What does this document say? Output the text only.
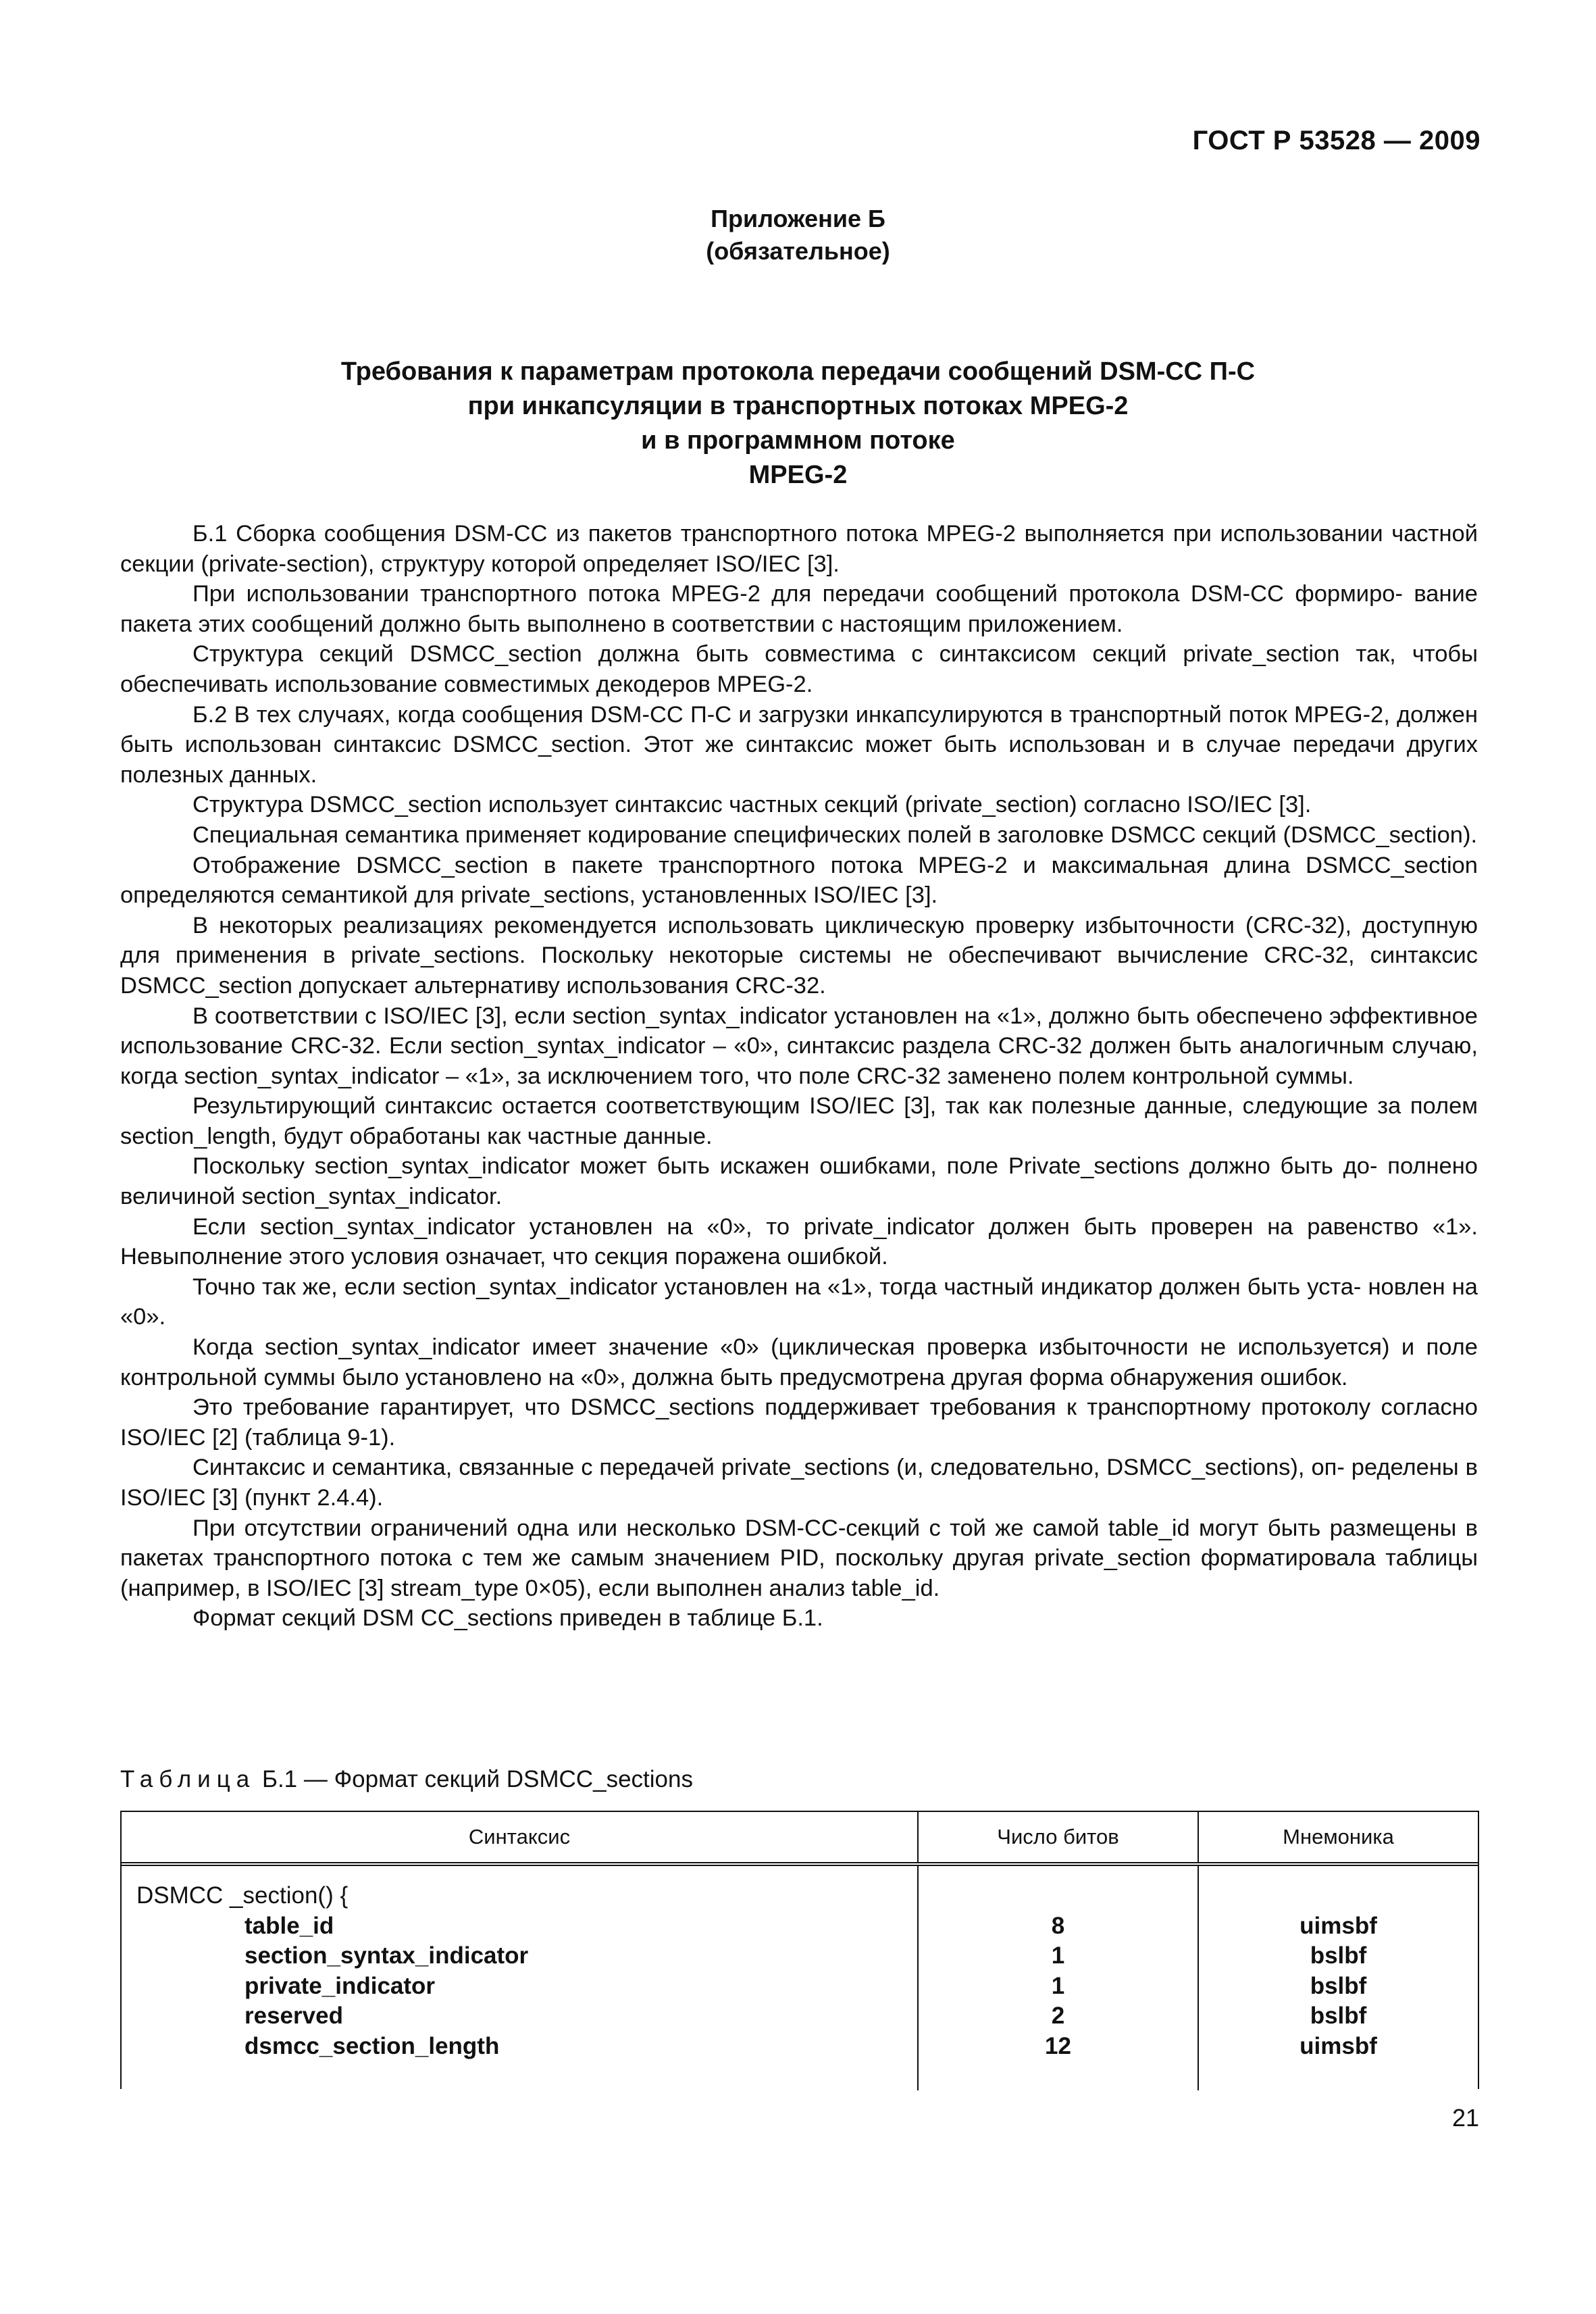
ГОСТ Р 53528 — 2009
Приложение Б
(обязательное)
Требования к параметрам протокола передачи сообщений DSM-CC П-С
при инкапсуляции в транспортных потоках MPEG-2
и в программном потоке
MPEG-2

Б.1 Сборка сообщения DSM-CC из пакетов транспортного потока MPEG-2 выполняется при использовании частной секции (private-section), структуру которой определяет ISO/IEC [3].

При использовании транспортного потока MPEG-2 для передачи сообщений протокола DSM-CC формиро- вание пакета этих сообщений должно быть выполнено в соответствии с настоящим приложением.

Структура секций DSMCC_section должна быть совместима с синтаксисом секций private_section так, чтобы обеспечивать использование совместимых декодеров MPEG-2.

Б.2 В тех случаях, когда сообщения DSM-CC П-С и загрузки инкапсулируются в транспортный поток MPEG-2, должен быть использован синтаксис DSMCC_section. Этот же синтаксис может быть использован и в случае передачи других полезных данных.

Структура DSMCC_section использует синтаксис частных секций (private_section) согласно ISO/IEC [3].

Специальная семантика применяет кодирование специфических полей в заголовке DSMCC секций (DSMCC_section).

Отображение DSMCC_section в пакете транспортного потока MPEG-2 и максимальная длина DSMCC_section определяются семантикой для private_sections, установленных ISO/IEC [3].

В некоторых реализациях рекомендуется использовать циклическую проверку избыточности (CRC-32), доступную для применения в private_sections. Поскольку некоторые системы не обеспечивают вычисление CRC-32, синтаксис DSMCC_section допускает альтернативу использования CRC-32.

В соответствии с ISO/IEC [3], если section_syntax_indicator установлен на «1», должно быть обеспечено эффективное использование CRC-32. Если section_syntax_indicator – «0», синтаксис раздела CRC-32 должен быть аналогичным случаю, когда section_syntax_indicator – «1», за исключением того, что поле CRC-32 заменено полем контрольной суммы.

Результирующий синтаксис остается соответствующим ISO/IEC [3], так как полезные данные, следующие за полем section_length, будут обработаны как частные данные.

Поскольку section_syntax_indicator может быть искажен ошибками, поле Private_sections должно быть до- полнено величиной section_syntax_indicator.

Если section_syntax_indicator установлен на «0», то private_indicator должен быть проверен на равенство «1». Невыполнение этого условия означает, что секция поражена ошибкой.

Точно так же, если section_syntax_indicator установлен на «1», тогда частный индикатор должен быть уста- новлен на «0».

Когда section_syntax_indicator имеет значение «0» (циклическая проверка избыточности не используется) и поле контрольной суммы было установлено на «0», должна быть предусмотрена другая форма обнаружения ошибок.

Это требование гарантирует, что DSMCC_sections поддерживает требования к транспортному протоколу согласно ISO/IEC [2] (таблица 9-1).

Синтаксис и семантика, связанные с передачей private_sections (и, следовательно, DSMCC_sections), оп- ределены в ISO/IEC [3] (пункт 2.4.4).

При отсутствии ограничений одна или несколько DSM-CC-секций с той же самой table_id могут быть размещены в пакетах транспортного потока с тем же самым значением PID, поскольку другая private_section форматировала таблицы (например, в ISO/IEC [3] stream_type 0×05), если выполнен анализ table_id.

Формат секций DSM CC_sections приведен в таблице Б.1.

Таблица Б.1 — Формат секций DSMCC_sections
Синтаксис	Число битов	Мнемоника
DSMCC _section() {
table_id
section_syntax_indicator
private_indicator
reserved
dsmcc_section_length
8
1
1
2
12
uimsbf
bslbf
bslbf
bslbf
uimsbf
21
